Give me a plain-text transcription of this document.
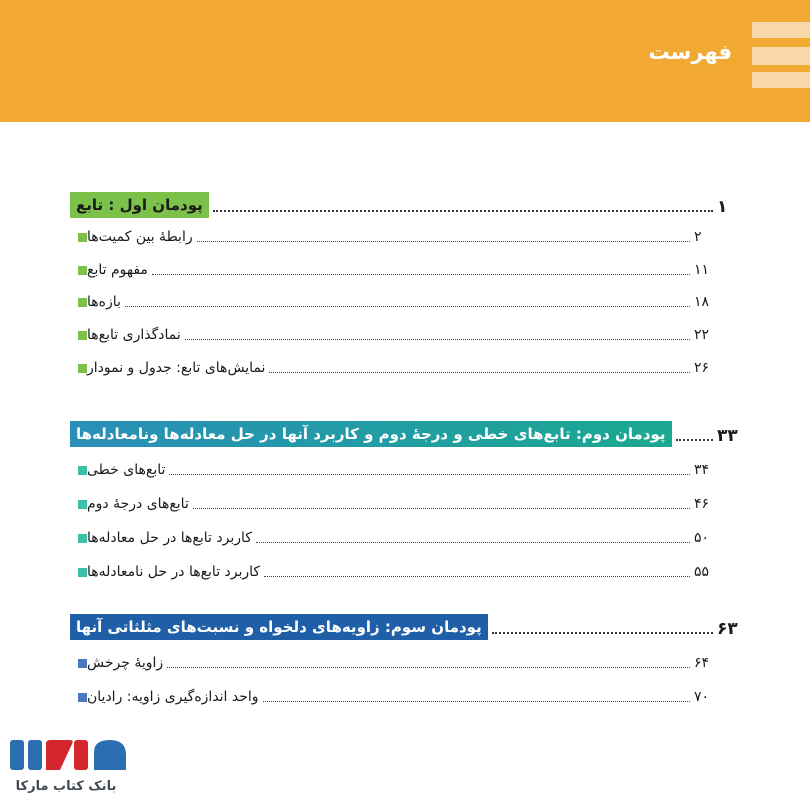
فهرست
پودمان اول : تابع	۱
رابطهٔ بین کمیت‌ها	۲
مفهوم تابع	۱۱
بازه‌ها	۱۸
نمادگذاری تابع‌ها	۲۲
نمایش‌های تابع: جدول و نمودار	۲۶
پودمان دوم: تابع‌های خطی و درجهٔ دوم و کاربرد آنها در حل معادله‌ها ونامعادله‌ها	۳۳
تابع‌های خطی	۳۴
تابع‌های درجهٔ دوم	۴۶
کاربرد تابع‌ها در حل معادله‌ها	۵۰
کاربرد تابع‌ها در حل نامعادله‌ها	۵۵
پودمان سوم: زاویه‌های دلخواه و نسبت‌های مثلثاتی آنها	۶۳
زاویهٔ چرخش	۶۴
واحد اندازه‌گیری زاویه: رادیان	۷۰
بانک کتاب مارکا
